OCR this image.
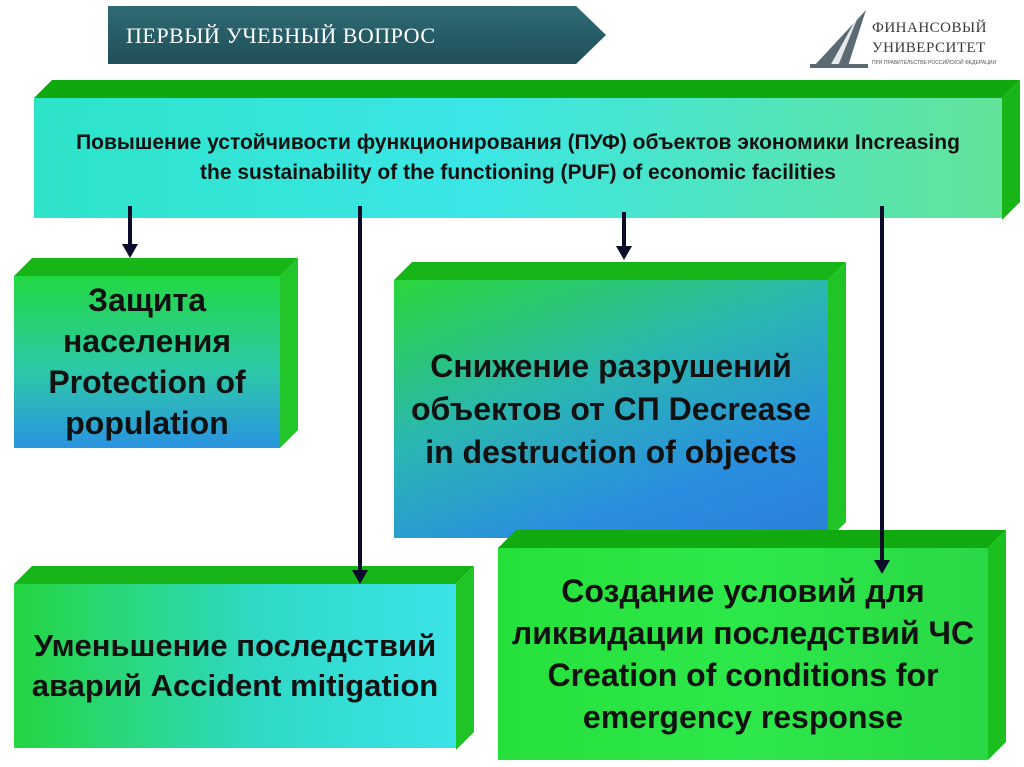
ПЕРВЫЙ УЧЕБНЫЙ ВОПРОС	ФИНАНСОВЫЙ
УНИВЕРСИТЕТ
ПРИ ПРАВИТЕЛЬСТВЕ РОССИЙСКОЙ ФЕДЕРАЦИИ
Повышение устойчивости функционирования (ПУФ) объектов экономики Increasing the sustainability of the functioning (PUF) of economic facilities
Защита населения Protection of population
Снижение разрушений объектов от СП Decrease in destruction of objects
Уменьшение последствий аварий Accident mitigation
Создание условий для ликвидации последствий ЧС Creation of conditions for emergency response
